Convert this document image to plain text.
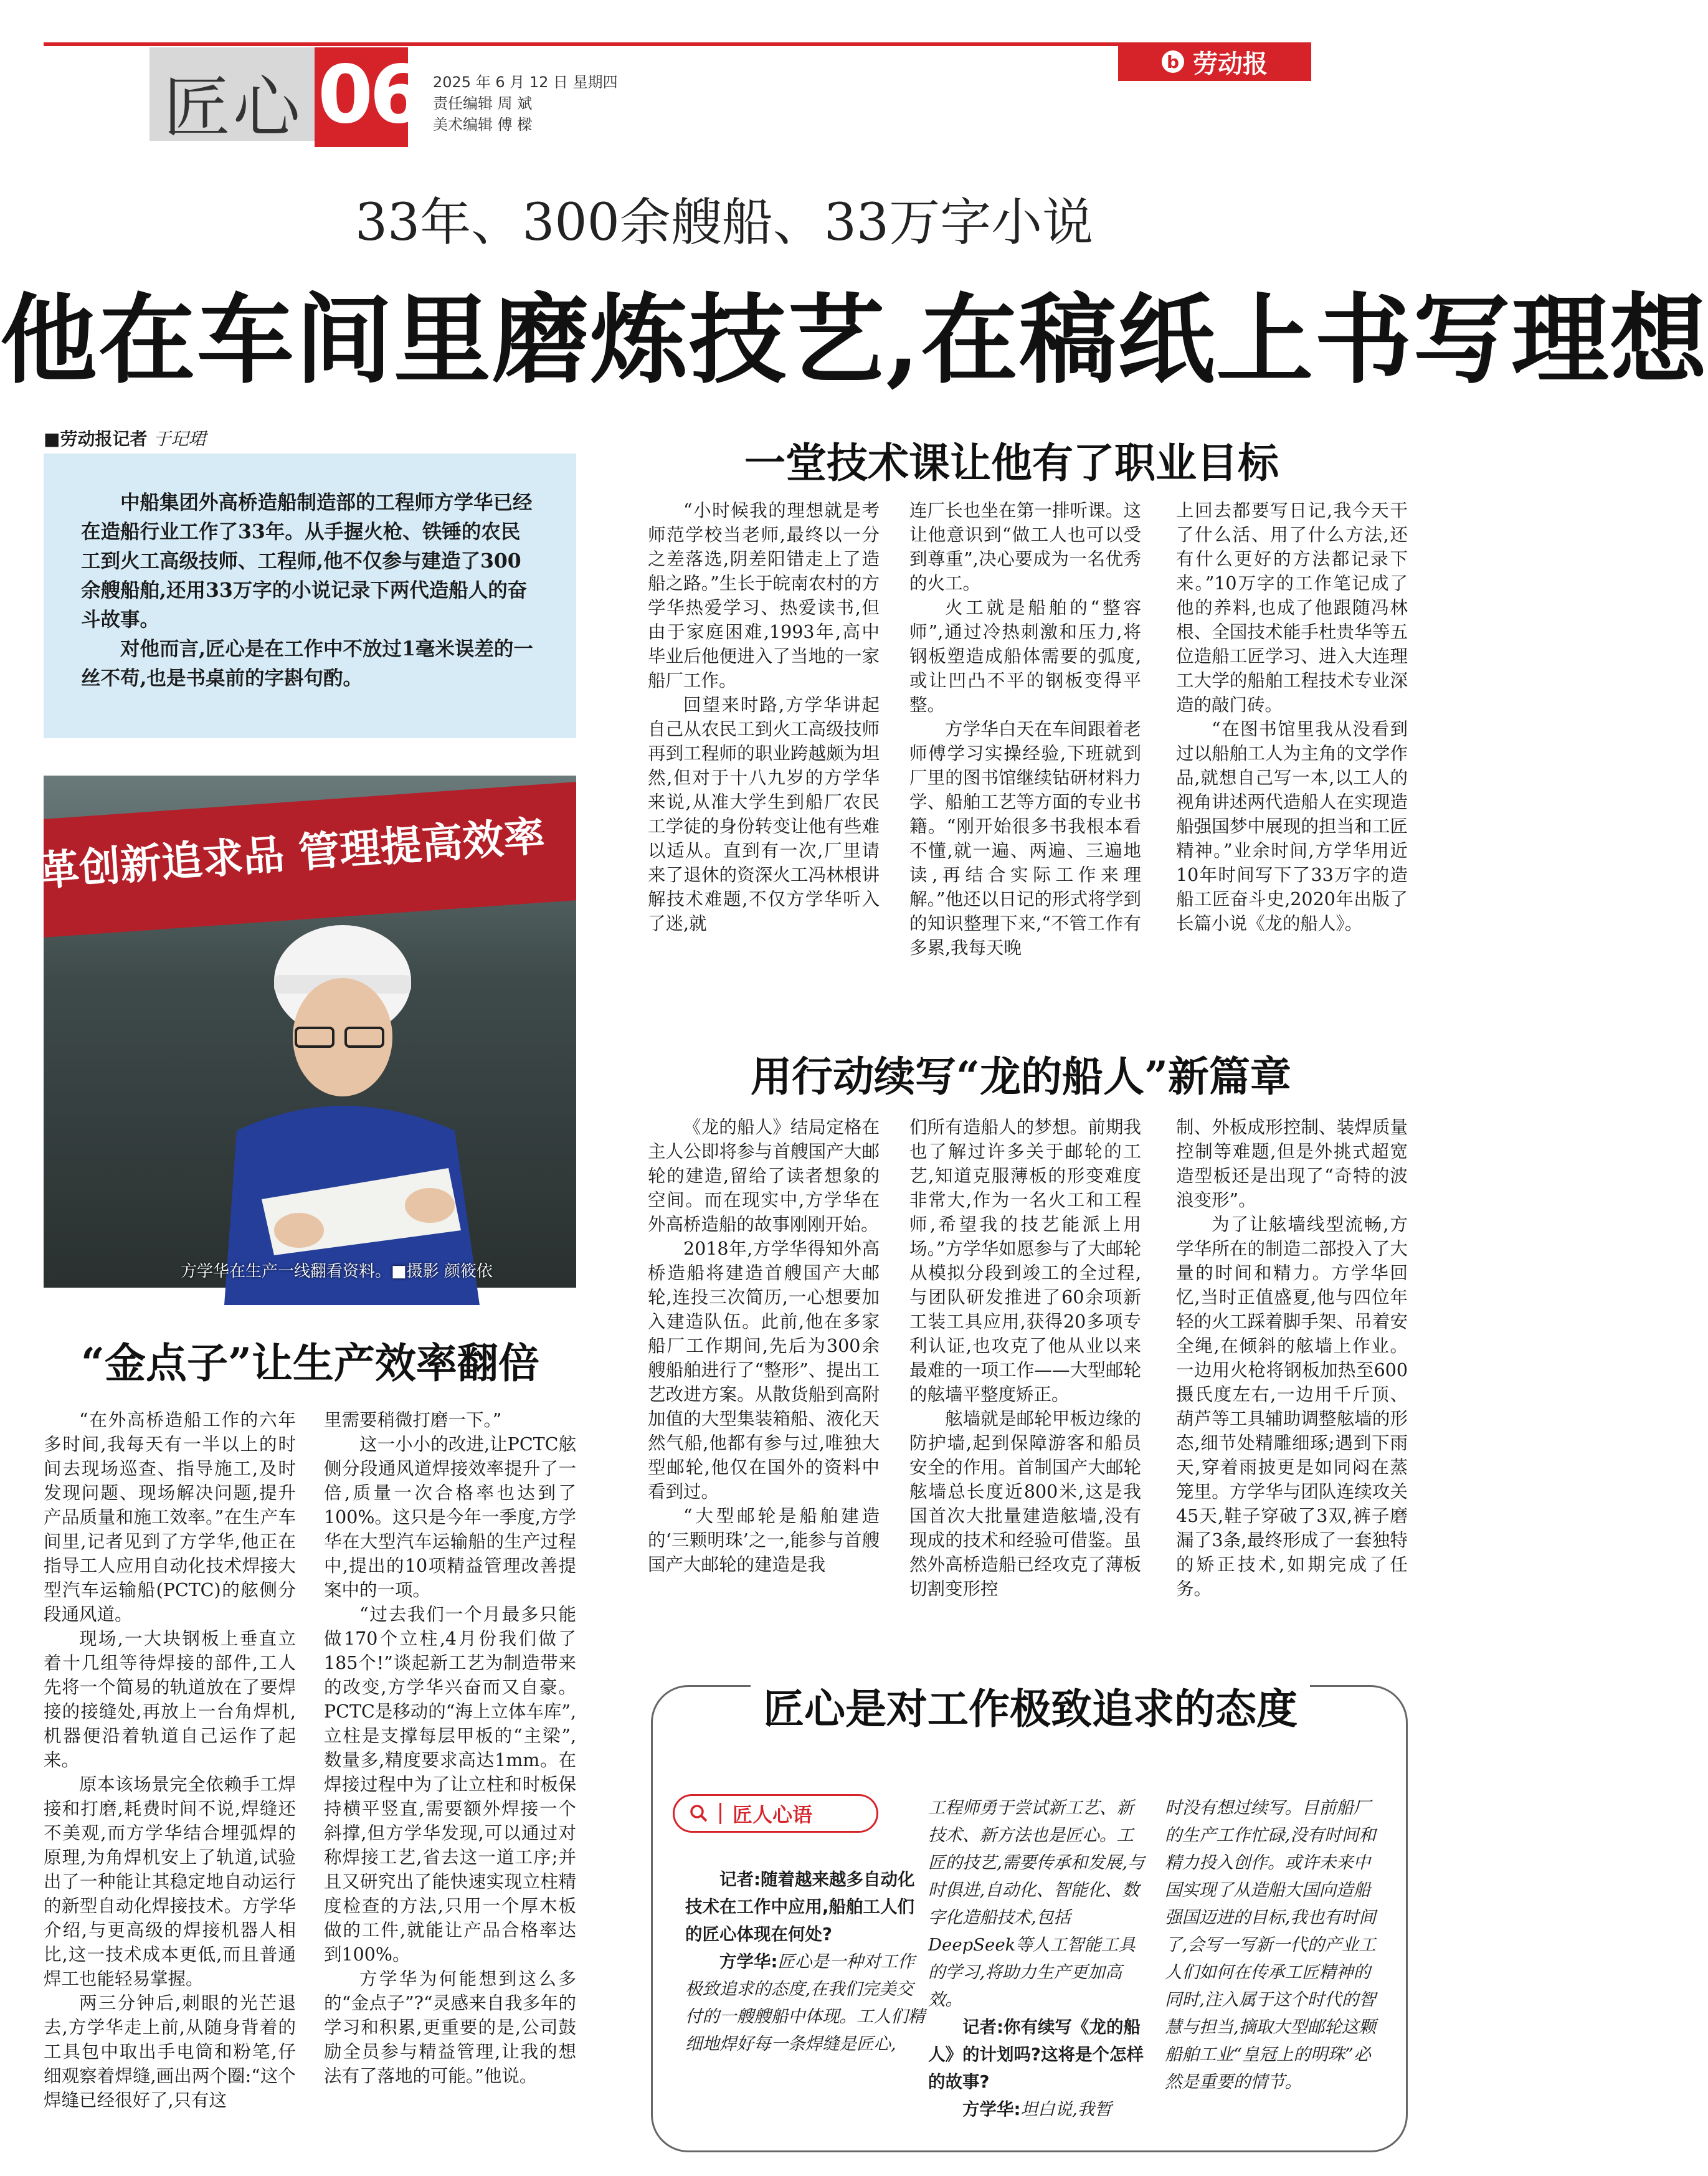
匠心 06 2025 年 6 月 12 日 星期四
责任编辑 周 斌
美术编辑 傅 樑
b 劳动报
33年、300余艘船、33万字小说
他在车间里磨炼技艺,在稿纸上书写理想
■劳动报记者 于玘珺

中船集团外高桥造船制造部的工程师方学华已经在造船行业工作了33年。从手握火枪、铁锤的农民工到火工高级技师、工程师,他不仅参与建造了300余艘船舶,还用33万字的小说记录下两代造船人的奋斗故事。

对他而言,匠心是在工作中不放过1毫米误差的一丝不苟,也是书桌前的字斟句酌。

革创新追求品 管理提高效率
方学华在生产一线翻看资料。■摄影 颜筱依
一堂技术课让他有了职业目标

“小时候我的理想就是考师范学校当老师,最终以一分之差落选,阴差阳错走上了造船之路。”生长于皖南农村的方学华热爱学习、热爱读书,但由于家庭困难,1993年,高中毕业后他便进入了当地的一家船厂工作。

回望来时路,方学华讲起自己从农民工到火工高级技师再到工程师的职业跨越颇为坦然,但对于十八九岁的方学华来说,从准大学生到船厂农民工学徒的身份转变让他有些难以适从。直到有一次,厂里请来了退休的资深火工冯林根讲解技术难题,不仅方学华听入了迷,就

连厂长也坐在第一排听课。这让他意识到“做工人也可以受到尊重”,决心要成为一名优秀的火工。

火工就是船舶的“整容师”,通过冷热刺激和压力,将钢板塑造成船体需要的弧度,或让凹凸不平的钢板变得平整。

方学华白天在车间跟着老师傅学习实操经验,下班就到厂里的图书馆继续钻研材料力学、船舶工艺等方面的专业书籍。“刚开始很多书我根本看不懂,就一遍、两遍、三遍地读,再结合实际工作来理解。”他还以日记的形式将学到的知识整理下来,“不管工作有多累,我每天晚

上回去都要写日记,我今天干了什么活、用了什么方法,还有什么更好的方法都记录下来。”10万字的工作笔记成了他的养料,也成了他跟随冯林根、全国技术能手杜贵华等五位造船工匠学习、进入大连理工大学的船舶工程技术专业深造的敲门砖。

“在图书馆里我从没看到过以船舶工人为主角的文学作品,就想自己写一本,以工人的视角讲述两代造船人在实现造船强国梦中展现的担当和工匠精神。”业余时间,方学华用近10年时间写下了33万字的造船工匠奋斗史,2020年出版了长篇小说《龙的船人》。

用行动续写“龙的船人”新篇章

《龙的船人》结局定格在主人公即将参与首艘国产大邮轮的建造,留给了读者想象的空间。而在现实中,方学华在外高桥造船的故事刚刚开始。

2018年,方学华得知外高桥造船将建造首艘国产大邮轮,连投三次简历,一心想要加入建造队伍。此前,他在多家船厂工作期间,先后为300余艘船舶进行了“整形”、提出工艺改进方案。从散货船到高附加值的大型集装箱船、液化天然气船,他都有参与过,唯独大型邮轮,他仅在国外的资料中看到过。

“大型邮轮是船舶建造的‘三颗明珠’之一,能参与首艘国产大邮轮的建造是我

们所有造船人的梦想。前期我也了解过许多关于邮轮的工艺,知道克服薄板的形变难度非常大,作为一名火工和工程师,希望我的技艺能派上用场。”方学华如愿参与了大邮轮从模拟分段到竣工的全过程,与团队研发推进了60余项新工装工具应用,获得20多项专利认证,也攻克了他从业以来最难的一项工作——大型邮轮的舷墙平整度矫正。

舷墙就是邮轮甲板边缘的防护墙,起到保障游客和船员安全的作用。首制国产大邮轮舷墙总长度近800米,这是我国首次大批量建造舷墙,没有现成的技术和经验可借鉴。虽然外高桥造船已经攻克了薄板切割变形控

制、外板成形控制、装焊质量控制等难题,但是外挑式超宽造型板还是出现了“奇特的波浪变形”。

为了让舷墙线型流畅,方学华所在的制造二部投入了大量的时间和精力。方学华回忆,当时正值盛夏,他与四位年轻的火工踩着脚手架、吊着安全绳,在倾斜的舷墙上作业。一边用火枪将钢板加热至600摄氏度左右,一边用千斤顶、葫芦等工具辅助调整舷墙的形态,细节处精雕细琢;遇到下雨天,穿着雨披更是如同闷在蒸笼里。方学华与团队连续攻关45天,鞋子穿破了3双,裤子磨漏了3条,最终形成了一套独特的矫正技术,如期完成了任务。

“金点子”让生产效率翻倍

“在外高桥造船工作的六年多时间,我每天有一半以上的时间去现场巡查、指导施工,及时发现问题、现场解决问题,提升产品质量和施工效率。”在生产车间里,记者见到了方学华,他正在指导工人应用自动化技术焊接大型汽车运输船(PCTC)的舷侧分段通风道。

现场,一大块钢板上垂直立着十几组等待焊接的部件,工人先将一个简易的轨道放在了要焊接的接缝处,再放上一台角焊机,机器便沿着轨道自己运作了起来。

原本该场景完全依赖手工焊接和打磨,耗费时间不说,焊缝还不美观,而方学华结合埋弧焊的原理,为角焊机安上了轨道,试验出了一种能让其稳定地自动运行的新型自动化焊接技术。方学华介绍,与更高级的焊接机器人相比,这一技术成本更低,而且普通焊工也能轻易掌握。

两三分钟后,刺眼的光芒退去,方学华走上前,从随身背着的工具包中取出手电筒和粉笔,仔细观察着焊缝,画出两个圈:“这个焊缝已经很好了,只有这

里需要稍微打磨一下。”

这一小小的改进,让PCTC舷侧分段通风道焊接效率提升了一倍,质量一次合格率也达到了100%。这只是今年一季度,方学华在大型汽车运输船的生产过程中,提出的10项精益管理改善提案中的一项。

“过去我们一个月最多只能做170个立柱,4月份我们做了185个!”谈起新工艺为制造带来的改变,方学华兴奋而又自豪。PCTC是移动的“海上立体车库”,立柱是支撑每层甲板的“主梁”,数量多,精度要求高达1mm。在焊接过程中为了让立柱和时板保持横平竖直,需要额外焊接一个斜撑,但方学华发现,可以通过对称焊接工艺,省去这一道工序;并且又研究出了能快速实现立柱精度检查的方法,只用一个厚木板做的工件,就能让产品合格率达到100%。

方学华为何能想到这么多的“金点子”?“灵感来自我多年的学习和积累,更重要的是,公司鼓励全员参与精益管理,让我的想法有了落地的可能。”他说。

匠心是对工作极致追求的态度
匠人心语

记者:随着越来越多自动化技术在工作中应用,船舶工人们的匠心体现在何处?

方学华:匠心是一种对工作极致追求的态度,在我们完美交付的一艘艘船中体现。工人们精细地焊好每一条焊缝是匠心,

工程师勇于尝试新工艺、新技术、新方法也是匠心。工匠的技艺,需要传承和发展,与时俱进,自动化、智能化、数字化造船技术,包括DeepSeek等人工智能工具的学习,将助力生产更加高效。

记者:你有续写《龙的船人》的计划吗?这将是个怎样的故事?

方学华:坦白说,我暂

时没有想过续写。目前船厂的生产工作忙碌,没有时间和精力投入创作。或许未来中国实现了从造船大国向造船强国迈进的目标,我也有时间了,会写一写新一代的产业工人们如何在传承工匠精神的同时,注入属于这个时代的智慧与担当,摘取大型邮轮这颗船舶工业“皇冠上的明珠”必然是重要的情节。
